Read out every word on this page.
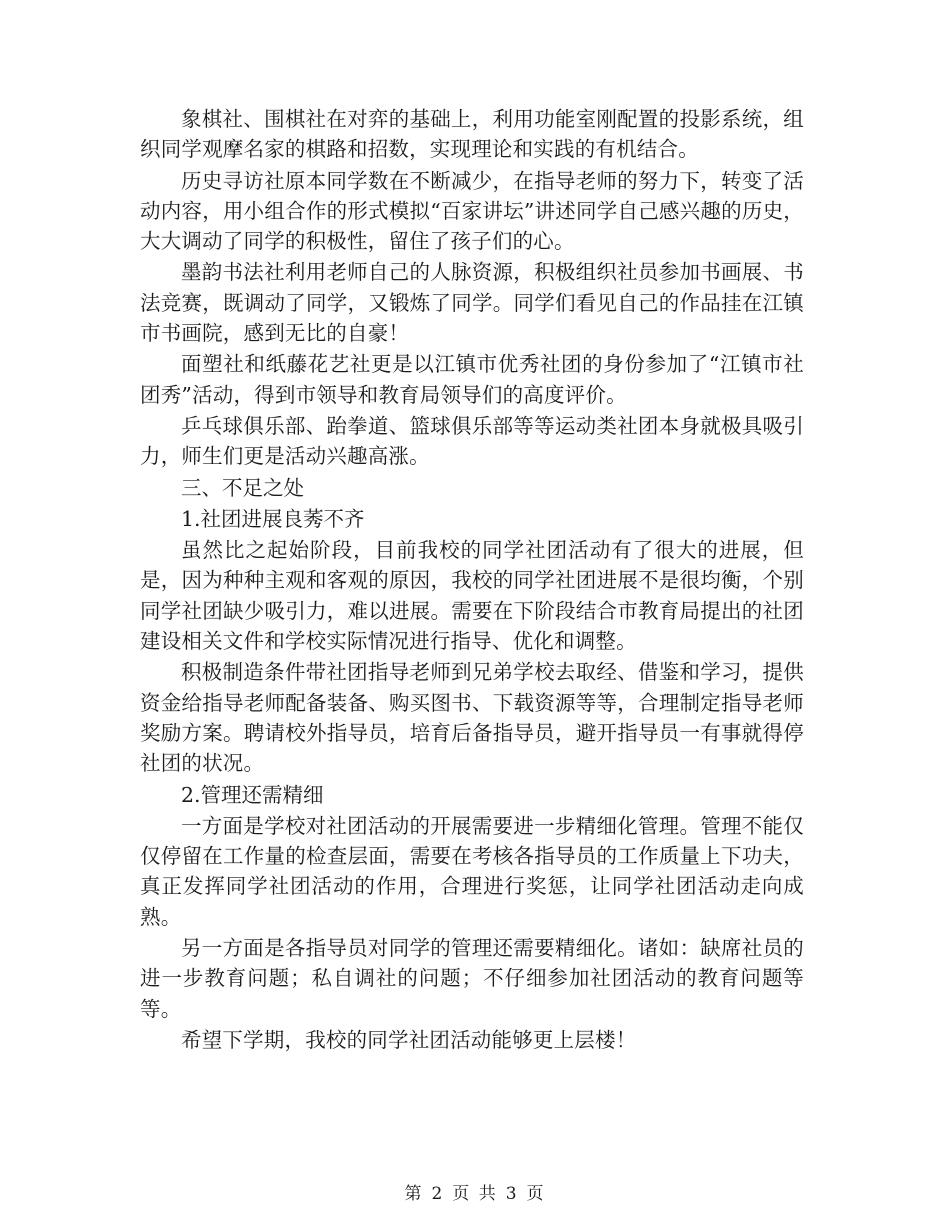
象棋社、围棋社在对弈的基础上，利用功能室刚配置的投影系统，组织同学观摩名家的棋路和招数，实现理论和实践的有机结合。

历史寻访社原本同学数在不断减少，在指导老师的努力下，转变了活动内容，用小组合作的形式模拟“百家讲坛”讲述同学自己感兴趣的历史，大大调动了同学的积极性，留住了孩子们的心。

墨韵书法社利用老师自己的人脉资源，积极组织社员参加书画展、书法竞赛，既调动了同学，又锻炼了同学。同学们看见自己的作品挂在江镇市书画院，感到无比的自豪！

面塑社和纸藤花艺社更是以江镇市优秀社团的身份参加了“江镇市社团秀”活动，得到市领导和教育局领导们的高度评价。

乒乓球俱乐部、跆拳道、篮球俱乐部等等运动类社团本身就极具吸引力，师生们更是活动兴趣高涨。

三、不足之处

1.社团进展良莠不齐

虽然比之起始阶段，目前我校的同学社团活动有了很大的进展，但是，因为种种主观和客观的原因，我校的同学社团进展不是很均衡，个别同学社团缺少吸引力，难以进展。需要在下阶段结合市教育局提出的社团建设相关文件和学校实际情况进行指导、优化和调整。

积极制造条件带社团指导老师到兄弟学校去取经、借鉴和学习，提供资金给指导老师配备装备、购买图书、下载资源等等，合理制定指导老师奖励方案。聘请校外指导员，培育后备指导员，避开指导员一有事就得停社团的状况。

2.管理还需精细

一方面是学校对社团活动的开展需要进一步精细化管理。管理不能仅仅停留在工作量的检查层面，需要在考核各指导员的工作质量上下功夫，真正发挥同学社团活动的作用，合理进行奖惩，让同学社团活动走向成熟。

另一方面是各指导员对同学的管理还需要精细化。诸如：缺席社员的进一步教育问题；私自调社的问题；不仔细参加社团活动的教育问题等等。

希望下学期，我校的同学社团活动能够更上层楼！

第 2 页 共 3 页
